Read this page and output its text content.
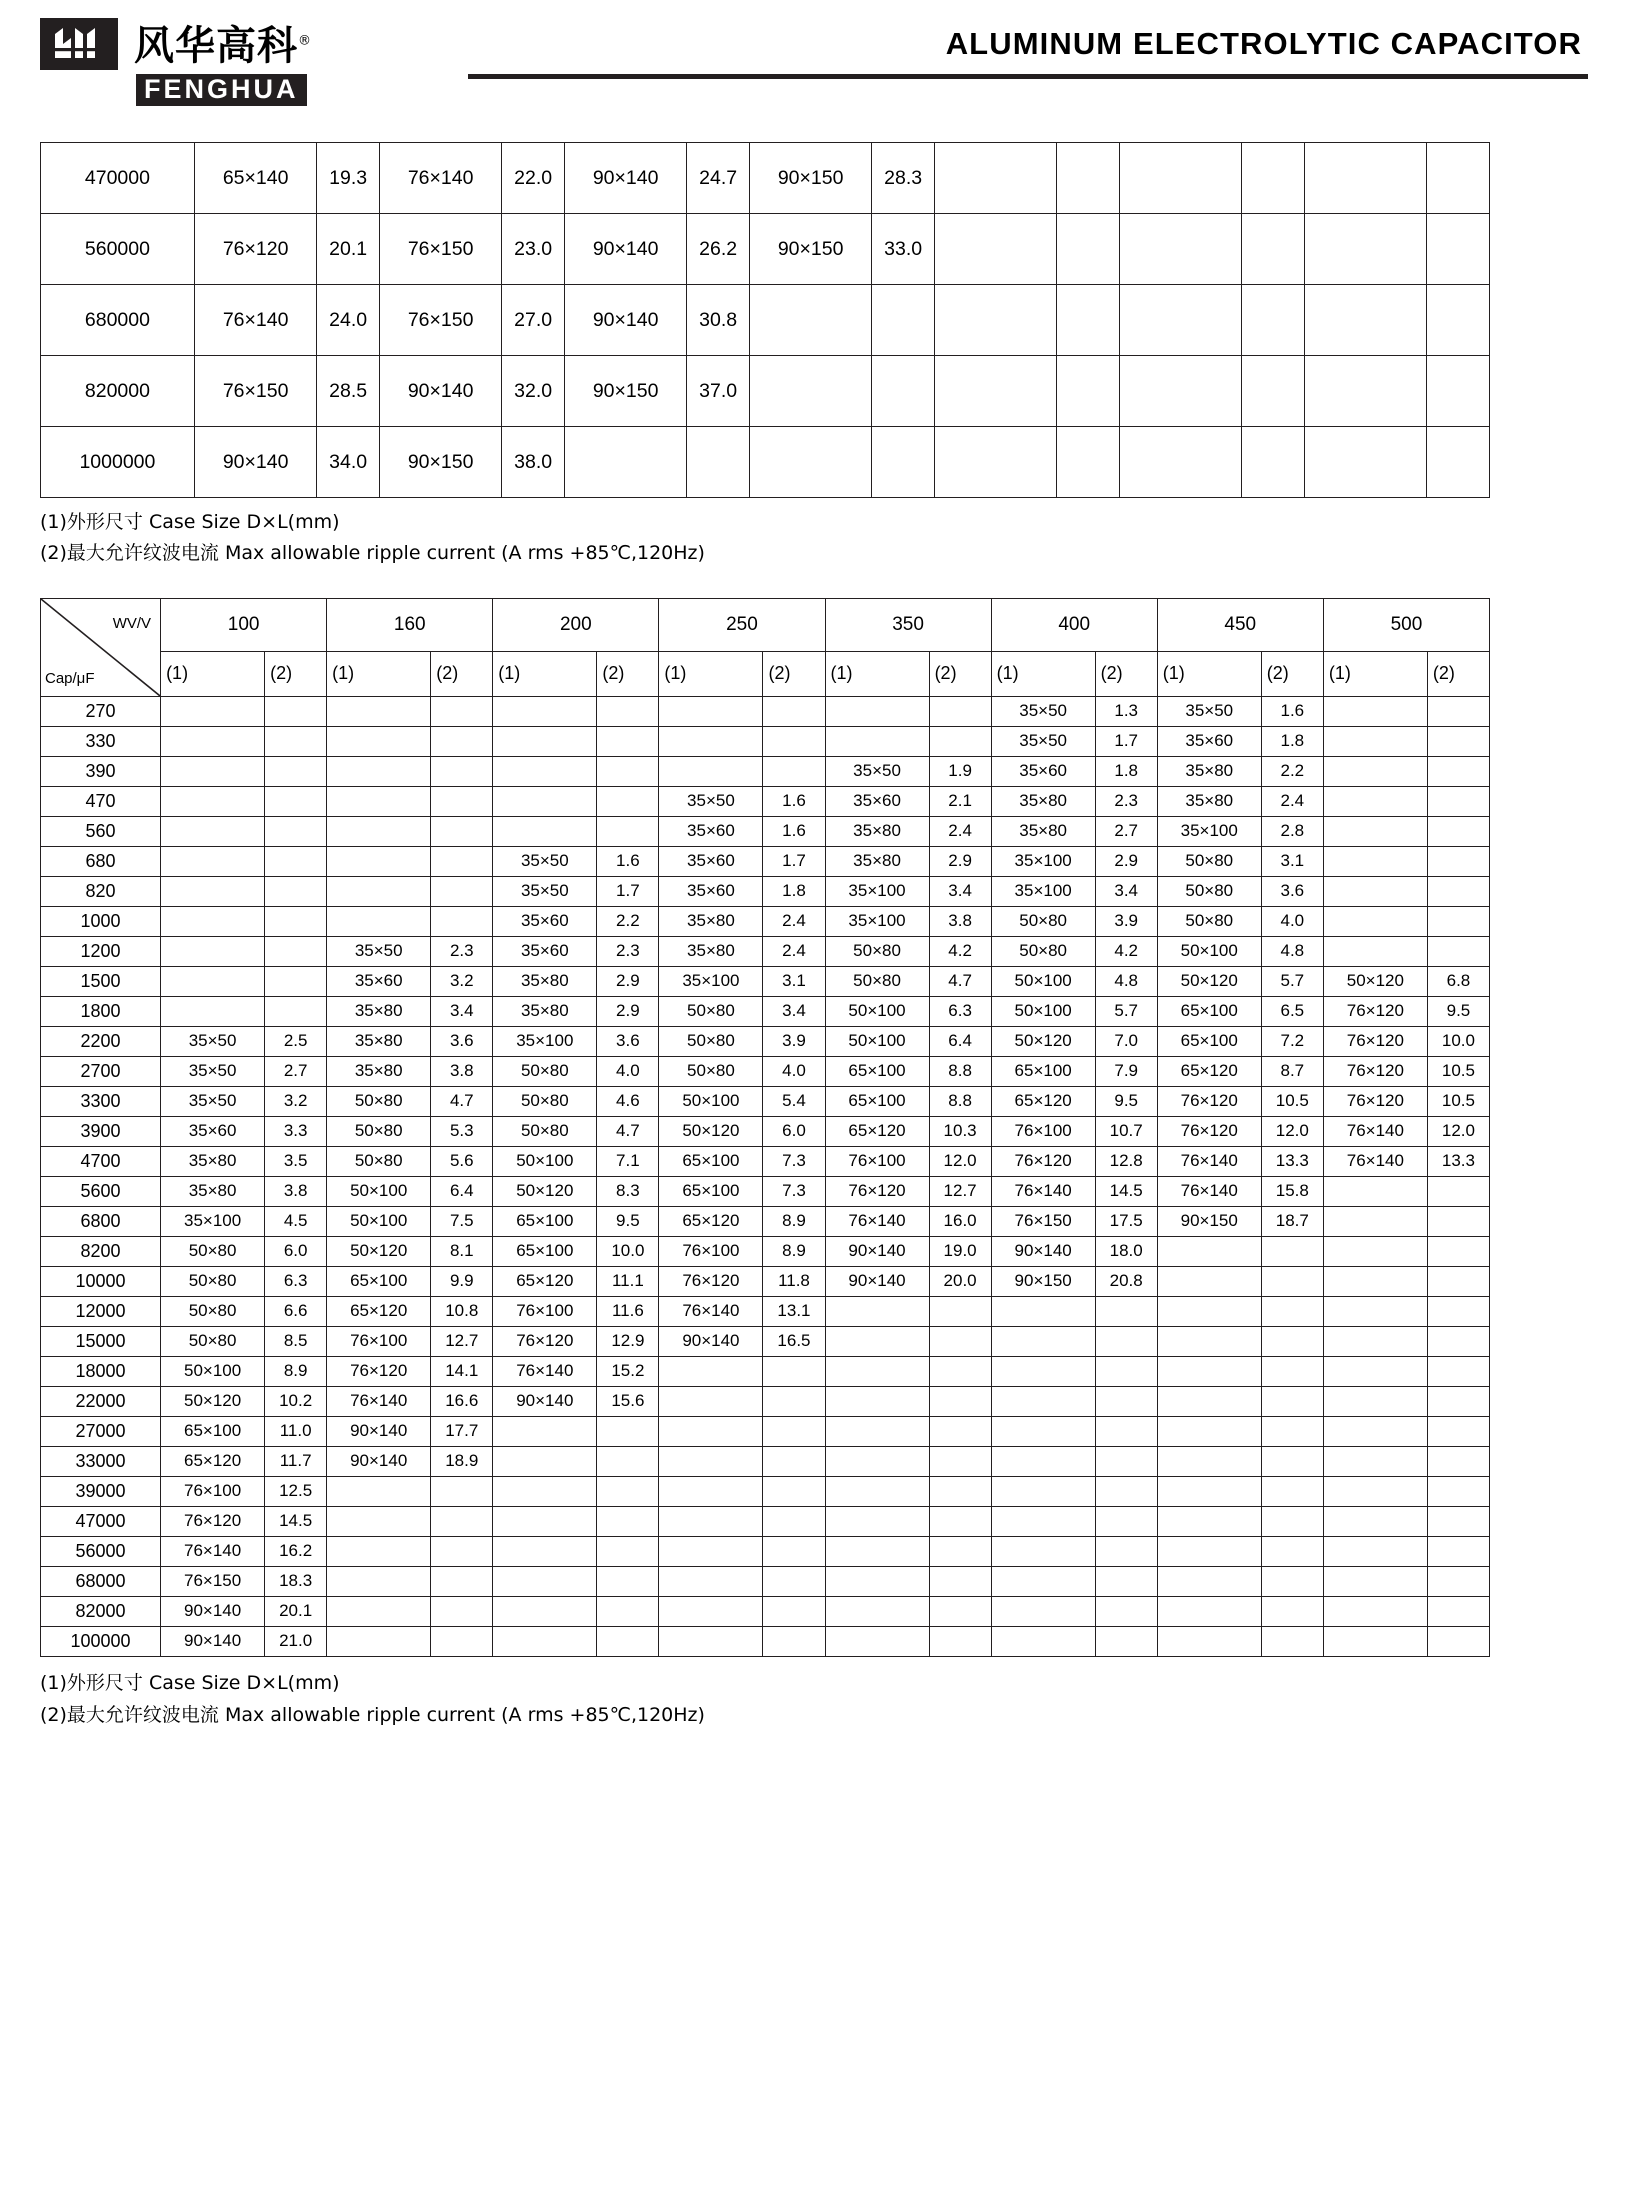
风华高科®
FENGHUA
ALUMINUM ELECTROLYTIC CAPACITOR
470000	65×140	19.3	76×140	22.0	90×140	24.7	90×150	28.3						
560000	76×120	20.1	76×150	23.0	90×140	26.2	90×150	33.0						
680000	76×140	24.0	76×150	27.0	90×140	30.8								
820000	76×150	28.5	90×140	32.0	90×150	37.0								
1000000	90×140	34.0	90×150	38.0										
(1)外形尺寸 Case Size D×L(mm)
(2)最大允许纹波电流 Max allowable ripple current (A rms +85℃,120Hz)
WV/V
Cap/μF	100		160		200		250		350		400		450		500	
	(1)	(2)	(1)	(2)	(1)	(2)	(1)	(2)	(1)	(2)	(1)	(2)	(1)	(2)	(1)	(2)
270											35×50	1.3	35×50	1.6		
330											35×50	1.7	35×60	1.8		
390									35×50	1.9	35×60	1.8	35×80	2.2		
470							35×50	1.6	35×60	2.1	35×80	2.3	35×80	2.4		
560							35×60	1.6	35×80	2.4	35×80	2.7	35×100	2.8		
680					35×50	1.6	35×60	1.7	35×80	2.9	35×100	2.9	50×80	3.1		
820					35×50	1.7	35×60	1.8	35×100	3.4	35×100	3.4	50×80	3.6		
1000					35×60	2.2	35×80	2.4	35×100	3.8	50×80	3.9	50×80	4.0		
1200			35×50	2.3	35×60	2.3	35×80	2.4	50×80	4.2	50×80	4.2	50×100	4.8		
1500			35×60	3.2	35×80	2.9	35×100	3.1	50×80	4.7	50×100	4.8	50×120	5.7	50×120	6.8
1800			35×80	3.4	35×80	2.9	50×80	3.4	50×100	6.3	50×100	5.7	65×100	6.5	76×120	9.5
2200	35×50	2.5	35×80	3.6	35×100	3.6	50×80	3.9	50×100	6.4	50×120	7.0	65×100	7.2	76×120	10.0
2700	35×50	2.7	35×80	3.8	50×80	4.0	50×80	4.0	65×100	8.8	65×100	7.9	65×120	8.7	76×120	10.5
3300	35×50	3.2	50×80	4.7	50×80	4.6	50×100	5.4	65×100	8.8	65×120	9.5	76×120	10.5	76×120	10.5
3900	35×60	3.3	50×80	5.3	50×80	4.7	50×120	6.0	65×120	10.3	76×100	10.7	76×120	12.0	76×140	12.0
4700	35×80	3.5	50×80	5.6	50×100	7.1	65×100	7.3	76×100	12.0	76×120	12.8	76×140	13.3	76×140	13.3
5600	35×80	3.8	50×100	6.4	50×120	8.3	65×100	7.3	76×120	12.7	76×140	14.5	76×140	15.8		
6800	35×100	4.5	50×100	7.5	65×100	9.5	65×120	8.9	76×140	16.0	76×150	17.5	90×150	18.7		
8200	50×80	6.0	50×120	8.1	65×100	10.0	76×100	8.9	90×140	19.0	90×140	18.0				
10000	50×80	6.3	65×100	9.9	65×120	11.1	76×120	11.8	90×140	20.0	90×150	20.8				
12000	50×80	6.6	65×120	10.8	76×100	11.6	76×140	13.1								
15000	50×80	8.5	76×100	12.7	76×120	12.9	90×140	16.5								
18000	50×100	8.9	76×120	14.1	76×140	15.2										
22000	50×120	10.2	76×140	16.6	90×140	15.6										
27000	65×100	11.0	90×140	17.7												
33000	65×120	11.7	90×140	18.9												
39000	76×100	12.5														
47000	76×120	14.5														
56000	76×140	16.2														
68000	76×150	18.3														
82000	90×140	20.1														
100000	90×140	21.0														
(1)外形尺寸 Case Size D×L(mm)
(2)最大允许纹波电流 Max allowable ripple current (A rms +85℃,120Hz)
